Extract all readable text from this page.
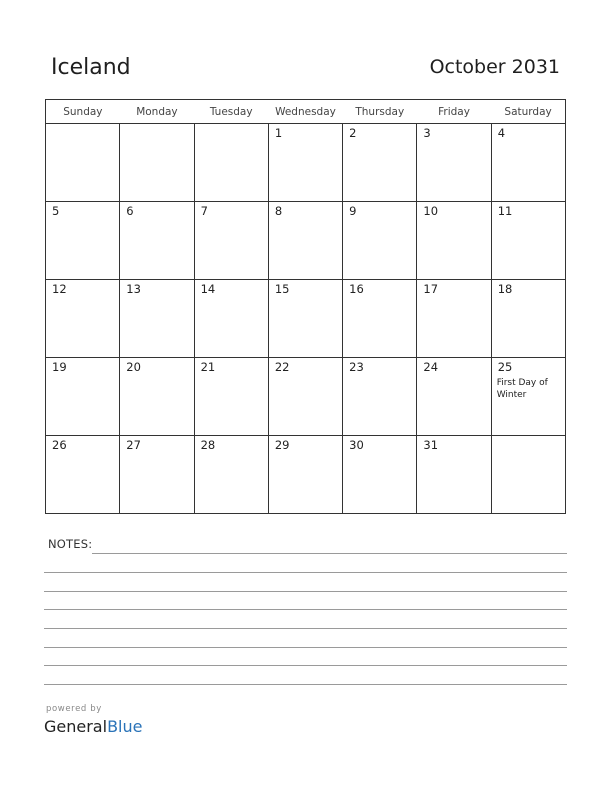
Iceland	October 2031
Sunday	Monday	Tuesday	Wednesday	Thursday	Friday	Saturday

			1	2	3	4

5	6	7	8	9	10	11

12	13	14	15	16	17	18

19	20	21	22	23	24	25
First Day of Winter

26	27	28	29	30	31	

NOTES:
powered by
GeneralBlue
